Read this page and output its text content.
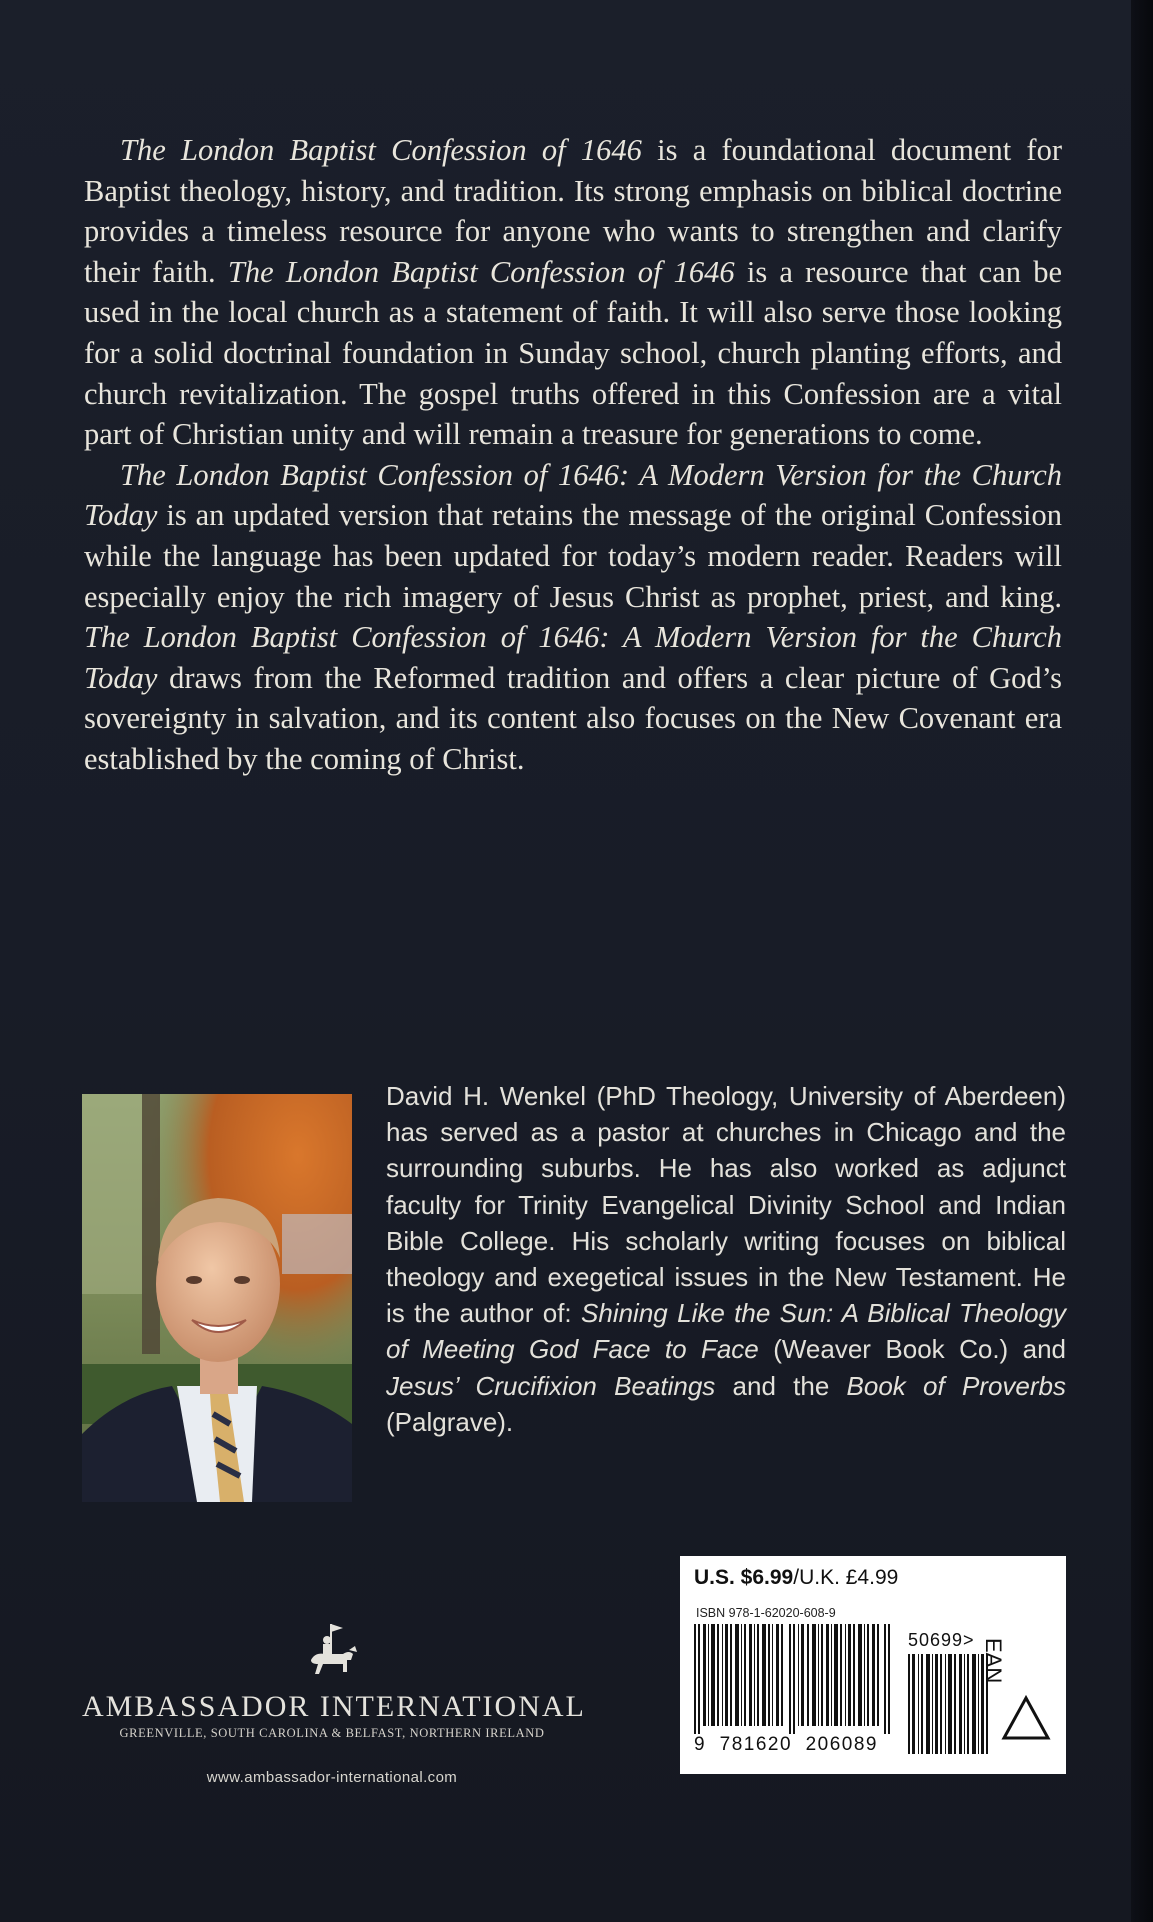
The London Baptist Confession of 1646 is a foundational document for Baptist theology, history, and tradition. Its strong emphasis on biblical doctrine provides a timeless resource for anyone who wants to strengthen and clarify their faith. The London Baptist Confession of 1646 is a resource that can be used in the local church as a statement of faith. It will also serve those looking for a solid doctrinal foundation in Sunday school, church planting efforts, and church revitalization. The gospel truths offered in this Confession are a vital part of Christian unity and will remain a treasure for generations to come.

The London Baptist Confession of 1646: A Modern Version for the Church Today is an updated version that retains the message of the original Confession while the language has been updated for today’s modern reader. Readers will especially enjoy the rich imagery of Jesus Christ as prophet, priest, and king. The London Baptist Confession of 1646: A Modern Version for the Church Today draws from the Reformed tradition and offers a clear picture of God’s sovereignty in salvation, and its content also focuses on the New Covenant era established by the coming of Christ.

David H. Wenkel (PhD Theology, University of Aberdeen) has served as a pastor at churches in Chicago and the surrounding suburbs. He has also worked as adjunct faculty for Trinity Evangelical Divinity School and Indian Bible College. His scholarly writing focuses on biblical theology and exegetical issues in the New Testament. He is the author of: Shining Like the Sun: A Biblical Theology of Meeting God Face to Face (Weaver Book Co.) and Jesus’ Crucifixion Beatings and the Book of Proverbs (Palgrave).
AMBASSADOR INTERNATIONAL
GREENVILLE, SOUTH CAROLINA & BELFAST, NORTHERN IRELAND
www.ambassador-international.com
U.S. $6.99/U.K. £4.99
ISBN 978-1-62020-608-9
9  781620  206089
50699> EAN
